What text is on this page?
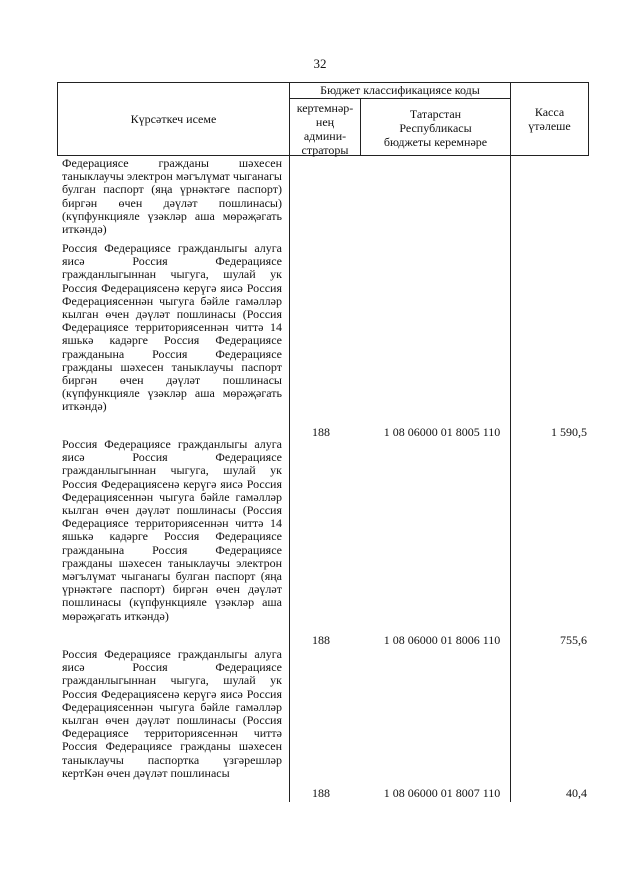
32
Күрсәткеч исеме
Бюджет классификациясе коды
кертемнәр-
нең
админи-
страторы
Татарстан
Республикасы
бюджеты керемнәре
Касса
үтәлеше
Федерациясе гражданы шәхесен таныклаучы электрон мәгълүмат чыганагы булган паспорт (яңа үрнәктәге паспорт) биргән өчен дәүләт пошлинасы) (күпфункцияле үзәкләр аша мөрәҗәгать иткәндә)
Россия Федерациясе гражданлыгы алуга яисә Россия Федерациясе гражданлыгыннан чыгуга, шулай ук Россия Федерациясенә керүгә яисә Россия Федерациясеннән чыгуга бәйле гамәлләр кылган өчен дәүләт пошлинасы (Россия Федерациясе территориясеннән читтә 14 яшькә кадәрге Россия Федерациясе гражданына Россия Федерациясе гражданы шәхесен таныклаучы паспорт биргән өчен дәүләт пошлинасы (күпфункцияле үзәкләр аша мөрәҗәгать иткәндә)
188	1 08 06000 01 8005 110	1 590,5
Россия Федерациясе гражданлыгы алуга яисә Россия Федерациясе гражданлыгыннан чыгуга, шулай ук Россия Федерациясенә керүгә яисә Россия Федерациясеннән чыгуга бәйле гамәлләр кылган өчен дәүләт пошлинасы (Россия Федерациясе территориясеннән читтә 14 яшькә кадәрге Россия Федерациясе гражданына Россия Федерациясе гражданы шәхесен таныклаучы электрон мәгълүмат чыганагы булган паспорт (яңа үрнәктәге паспорт) биргән өчен дәүләт пошлинасы (күпфункцияле үзәкләр аша мөрәҗәгать иткәндә)
188	1 08 06000 01 8006 110	755,6
Россия Федерациясе гражданлыгы алуга яисә Россия Федерациясе гражданлыгыннан чыгуга, шулай ук Россия Федерациясенә керүгә яисә Россия Федерациясеннән чыгуга бәйле гамәлләр кылган өчен дәүләт пошлинасы (Россия Федерациясе территориясеннән читтә Россия Федерациясе гражданы шәхесен таныклаучы паспортка үзгәрешләр кертКән өчен дәүләт пошлинасы
188	1 08 06000 01 8007 110	40,4
